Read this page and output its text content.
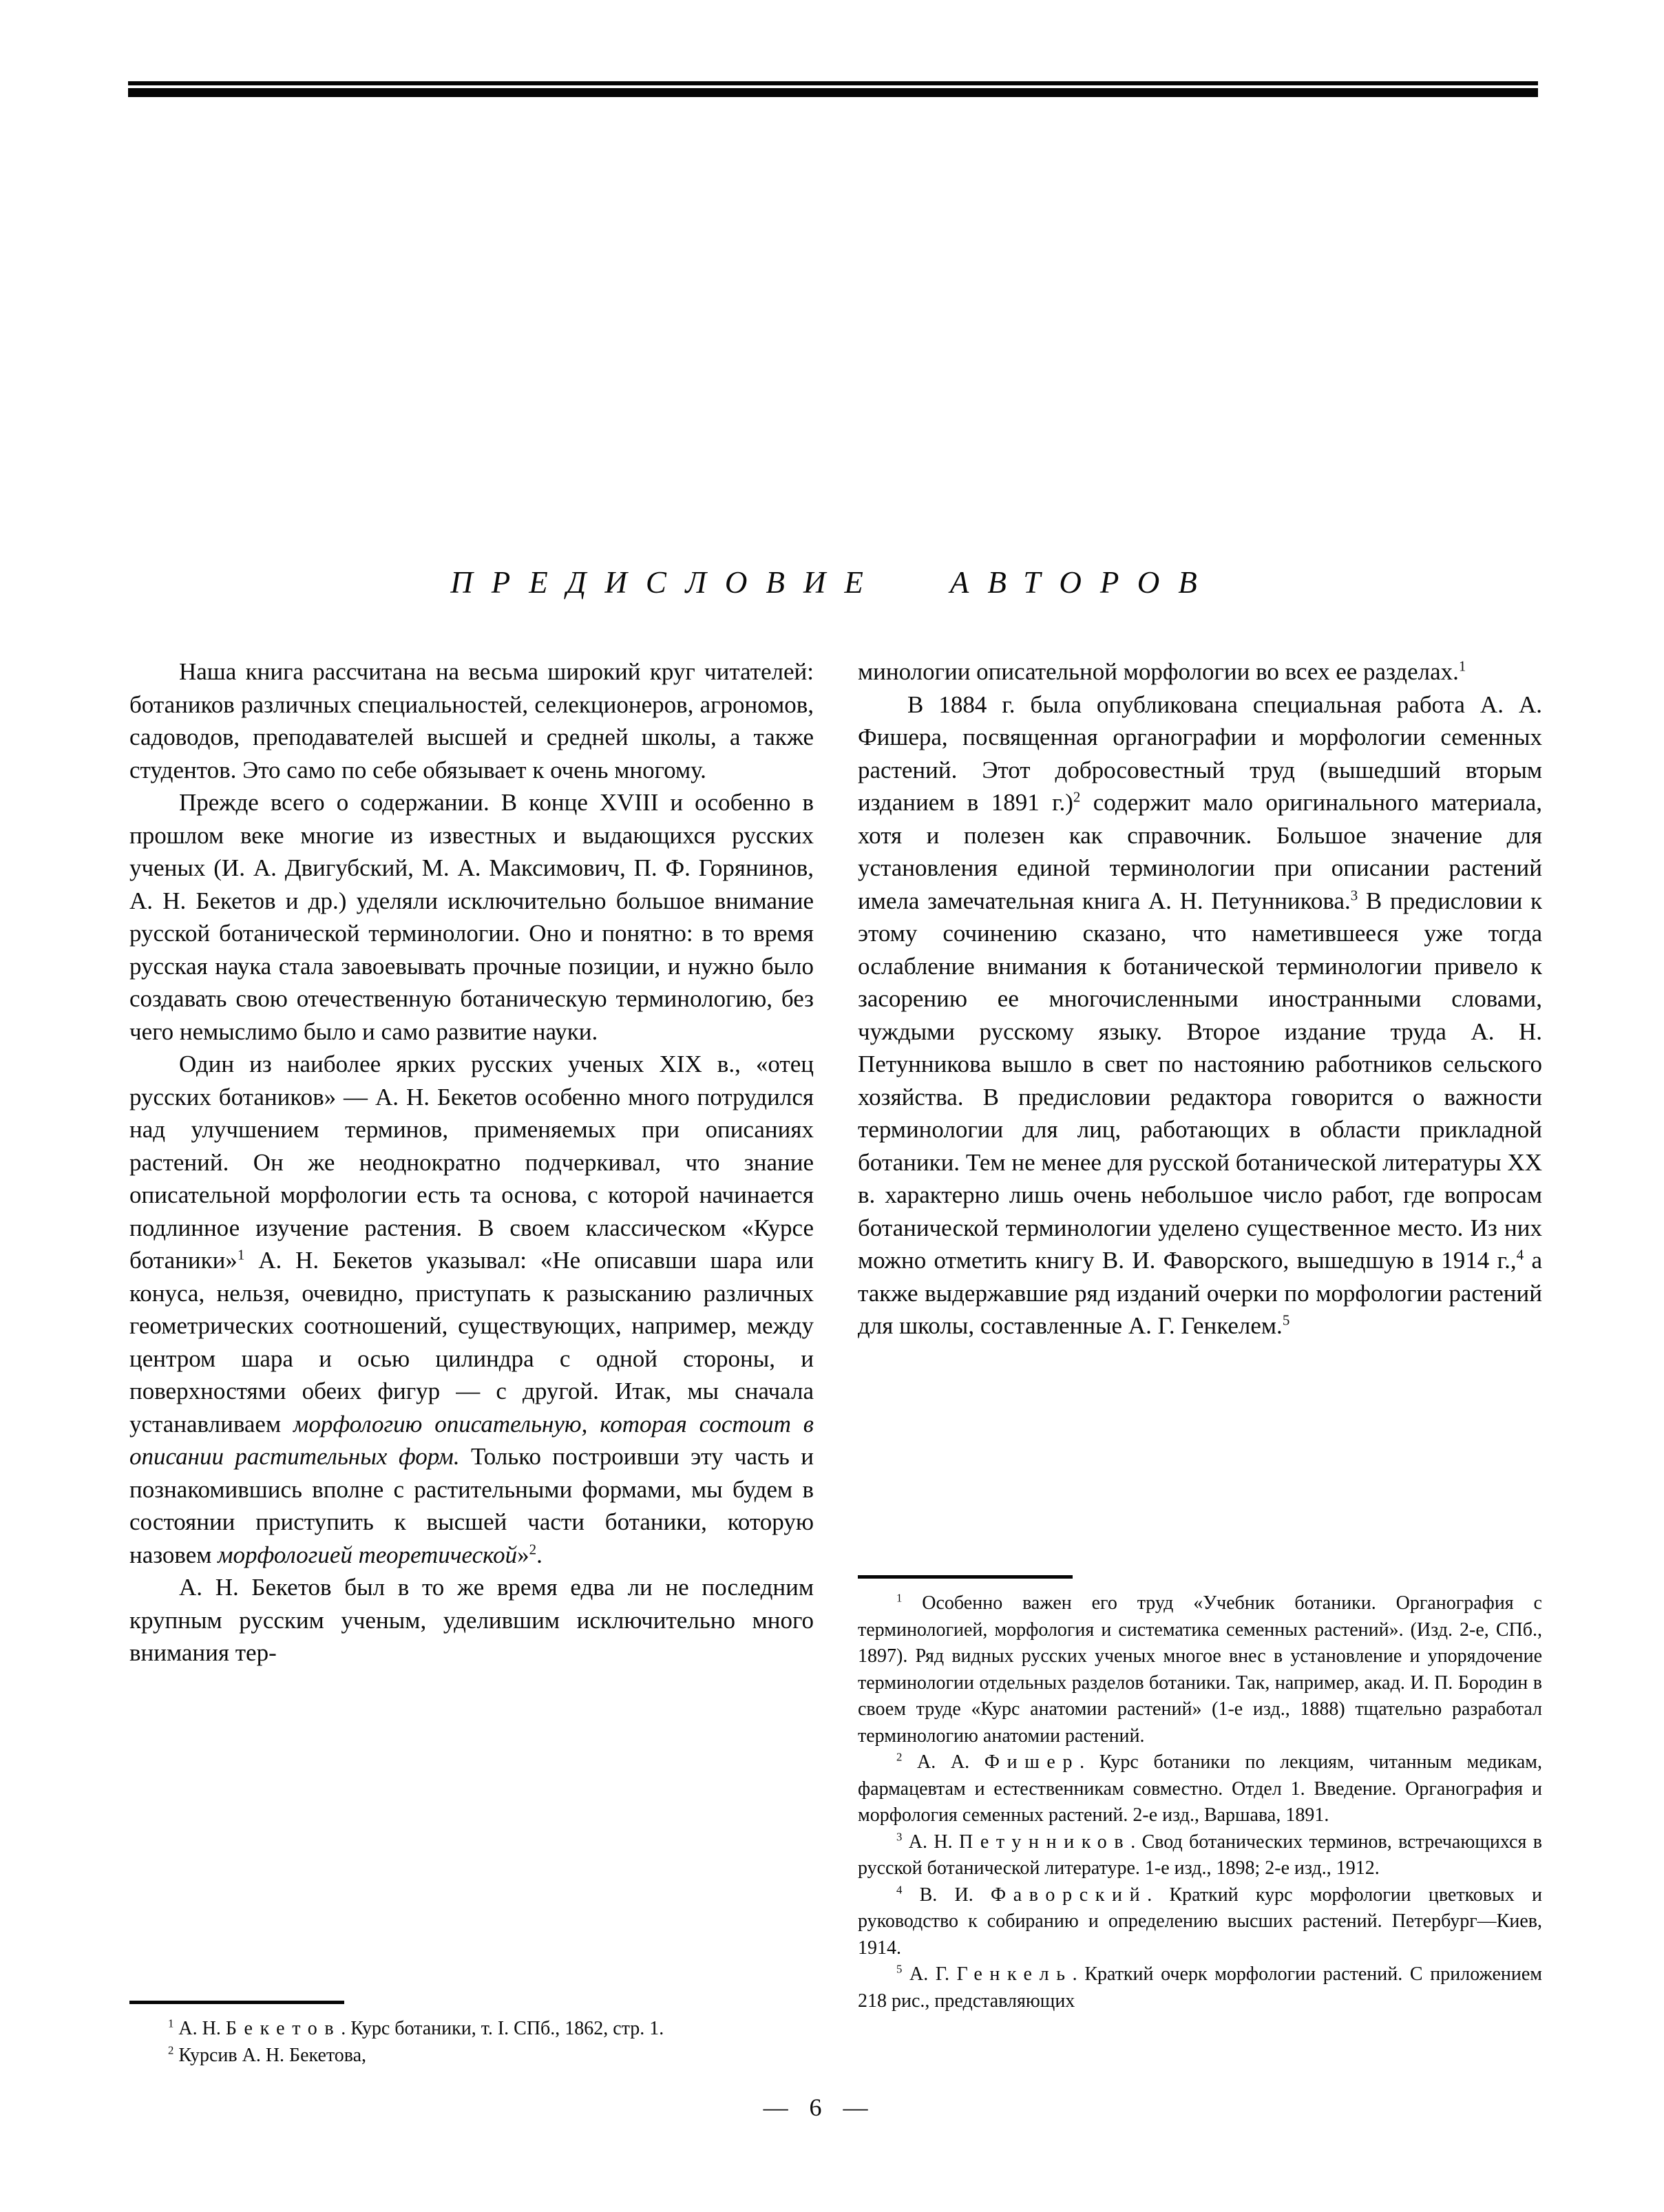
ПРЕДИСЛОВИЕ АВТОРОВ

Наша книга рассчитана на весьма широкий круг читателей: ботаников различных специальностей, селекционеров, агрономов, садоводов, преподавателей высшей и средней школы, а также студентов. Это само по себе обязывает к очень многому.

Прежде всего о содержании. В конце XVIII и особенно в прошлом веке многие из известных и выдающихся русских ученых (И. А. Двигубский, М. А. Максимович, П. Ф. Горянинов, А. Н. Бекетов и др.) уделяли исключительно большое внимание русской ботанической терминологии. Оно и понятно: в то время русская наука стала завоевывать прочные позиции, и нужно было создавать свою отечественную ботаническую терминологию, без чего немыслимо было и само развитие науки.

Один из наиболее ярких русских ученых XIX в., «отец русских ботаников» — А. Н. Бекетов особенно много потрудился над улучшением терминов, применяемых при описаниях растений. Он же неоднократно подчеркивал, что знание описательной морфологии есть та основа, с которой начинается подлинное изучение растения. В своем классическом «Курсе ботаники»$^1$ А. Н. Бекетов указывал: «Не описавши шара или конуса, нельзя, очевидно, приступать к разысканию различных геометрических соотношений, существующих, например, между центром шара и осью цилиндра с одной стороны, и поверхностями обеих фигур — с другой. Итак, мы сначала устанавливаем морфологию описательную, которая состоит в описании растительных форм. Только построивши эту часть и познакомившись вполне с растительными формами, мы будем в состоянии приступить к высшей части ботаники, которую назовем морфологией теоретической»$^2$.

А. Н. Бекетов был в то же время едва ли не последним крупным русским ученым, уделившим исключительно много внимания тер-

минологии описательной морфологии во всех ее разделах.$^1$

В 1884 г. была опубликована специальная работа А. А. Фишера, посвященная органографии и морфологии семенных растений. Этот добросовестный труд (вышедший вторым изданием в 1891 г.)$^2$ содержит мало оригинального материала, хотя и полезен как справочник. Большое значение для установления единой терминологии при описании растений имела замечательная книга А. Н. Петунникова.$^3$ В предисловии к этому сочинению сказано, что наметившееся уже тогда ослабление внимания к ботанической терминологии привело к засорению ее многочисленными иностранными словами, чуждыми русскому языку. Второе издание труда А. Н. Петунникова вышло в свет по настоянию работников сельского хозяйства. В предисловии редактора говорится о важности терминологии для лиц, работающих в области прикладной ботаники. Тем не менее для русской ботанической литературы XX в. характерно лишь очень небольшое число работ, где вопросам ботанической терминологии уделено существенное место. Из них можно отметить книгу В. И. Фаворского, вышедшую в 1914 г.,$^4$ а также выдержавшие ряд изданий очерки по морфологии растений для школы, составленные А. Г. Генкелем.$^5$

$^1$ А. Н. Бекетов. Курс ботаники, т. I. СПб., 1862, стр. 1.

$^2$ Курсив А. Н. Бекетова,

$^1$ Особенно важен его труд «Учебник ботаники. Органография с терминологией, морфология и систематика семенных растений». (Изд. 2-е, СПб., 1897). Ряд видных русских ученых многое внес в установление и упорядочение терминологии отдельных разделов ботаники. Так, например, акад. И. П. Бородин в своем труде «Курс анатомии растений» (1-е изд., 1888) тщательно разработал терминологию анатомии растений.

$^2$ А. А. Фишер. Курс ботаники по лекциям, читанным медикам, фармацевтам и естественникам совместно. Отдел 1. Введение. Органография и морфология семенных растений. 2-е изд., Варшава, 1891.

$^3$ А. Н. Петунников. Свод ботанических терминов, встречающихся в русской ботанической литературе. 1-е изд., 1898; 2-е изд., 1912.

$^4$ В. И. Фаворский. Краткий курс морфологии цветковых и руководство к собиранию и определению высших растений. Петербург—Киев, 1914.

$^5$ А. Г. Генкель. Краткий очерк морфологии растений. С приложением 218 рис., представляющих

— 6 —
